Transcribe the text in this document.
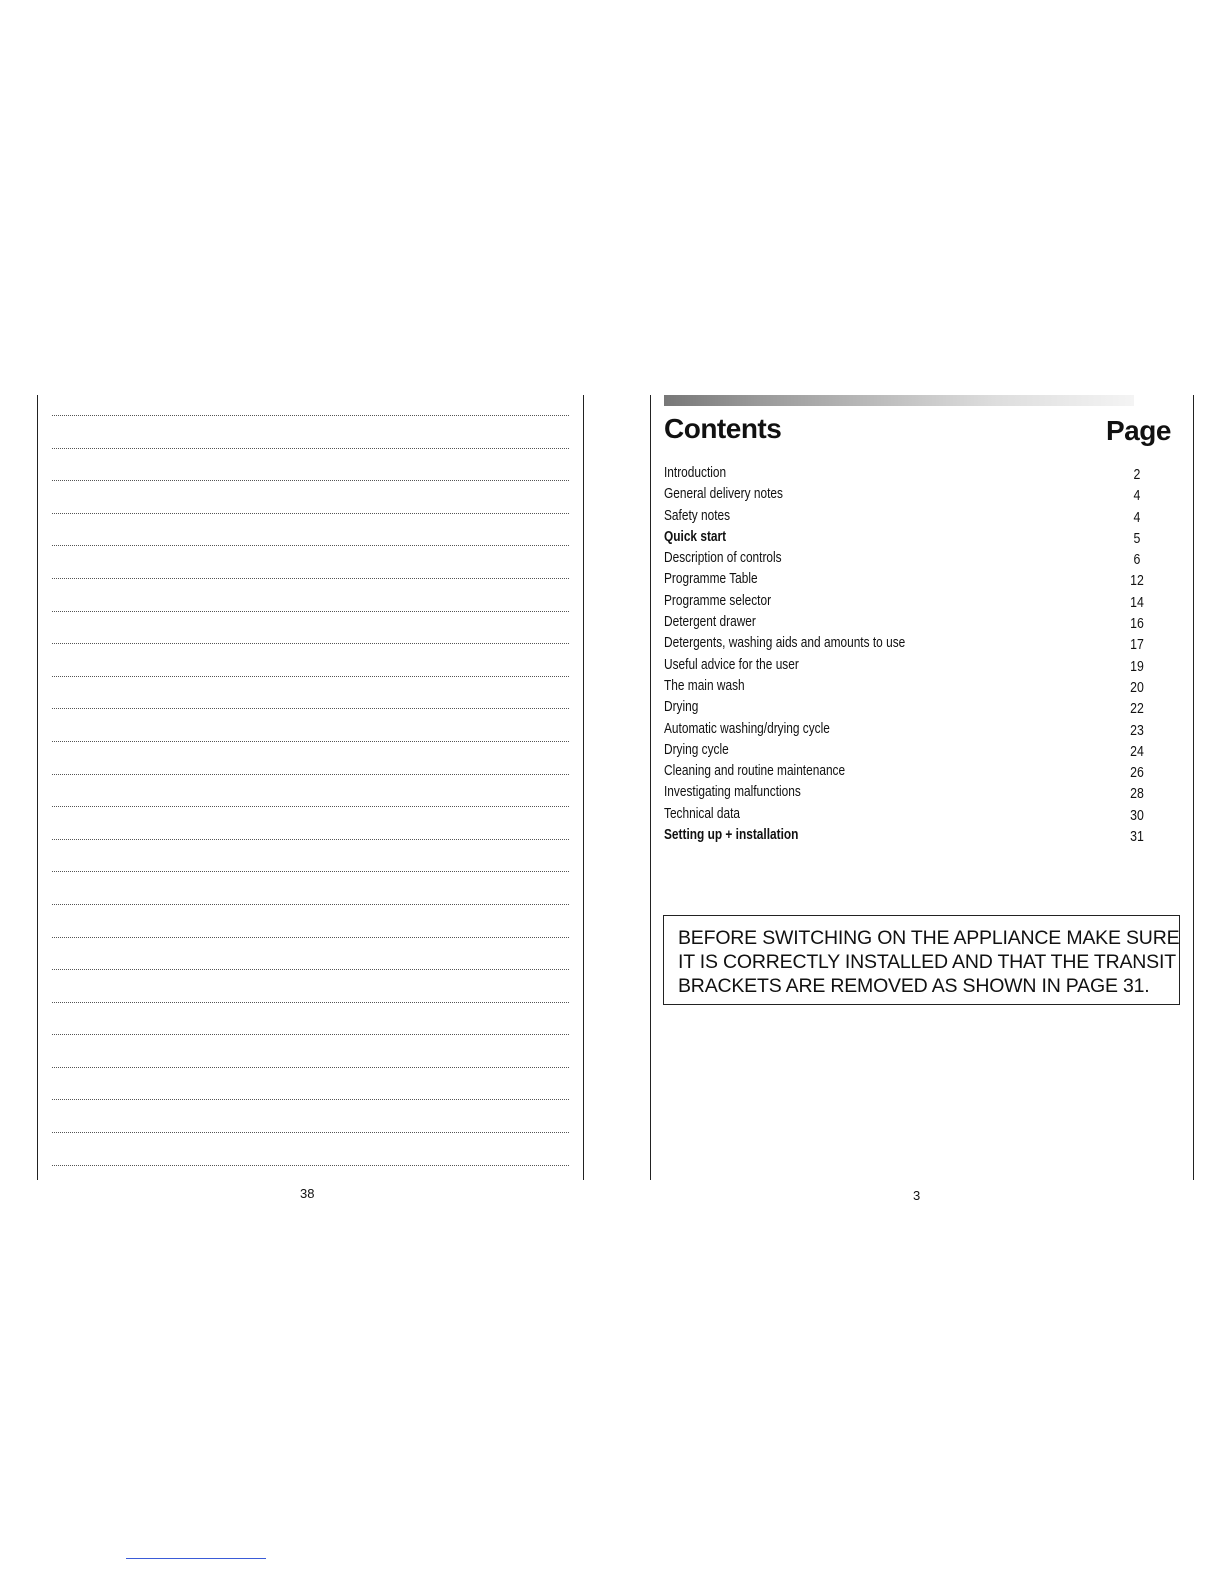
38
Contents	Page
Introduction	2
General delivery notes	4
Safety notes	4
Quick start	5
Description of controls	6
Programme Table	12
Programme selector	14
Detergent drawer	16
Detergents, washing aids and amounts to use	17
Useful advice for the user	19
The main wash	20
Drying	22
Automatic washing/drying cycle	23
Drying cycle	24
Cleaning and routine maintenance	26
Investigating malfunctions	28
Technical data	30
Setting up + installation	31
BEFORE SWITCHING ON THE APPLIANCE MAKE SURE
IT IS CORRECTLY INSTALLED AND THAT THE TRANSIT
BRACKETS ARE REMOVED AS SHOWN IN PAGE 31.
3
